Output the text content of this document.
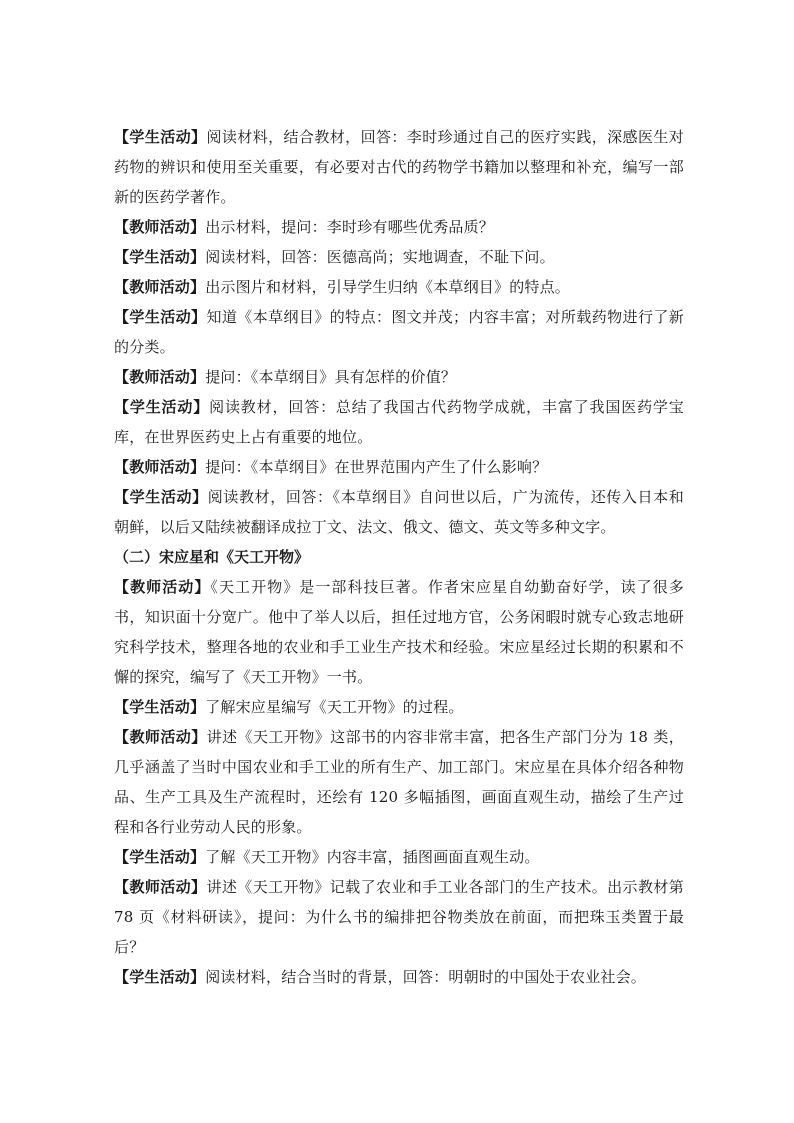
【学生活动】阅读材料，结合教材，回答：李时珍通过自己的医疗实践，深感医生对药物的辨识和使用至关重要，有必要对古代的药物学书籍加以整理和补充，编写一部新的医药学著作。

【教师活动】出示材料，提问：李时珍有哪些优秀品质？

【学生活动】阅读材料，回答：医德高尚；实地调查，不耻下问。

【教师活动】出示图片和材料，引导学生归纳《本草纲目》的特点。

【学生活动】知道《本草纲目》的特点：图文并茂；内容丰富；对所载药物进行了新的分类。

【教师活动】提问：《本草纲目》具有怎样的价值？

【学生活动】阅读教材，回答：总结了我国古代药物学成就，丰富了我国医药学宝库，在世界医药史上占有重要的地位。

【教师活动】提问：《本草纲目》在世界范围内产生了什么影响？

【学生活动】阅读教材，回答：《本草纲目》自问世以后，广为流传，还传入日本和朝鲜，以后又陆续被翻译成拉丁文、法文、俄文、德文、英文等多种文字。

（二）宋应星和《天工开物》

【教师活动】《天工开物》是一部科技巨著。作者宋应星自幼勤奋好学，读了很多书，知识面十分宽广。他中了举人以后，担任过地方官，公务闲暇时就专心致志地研究科学技术，整理各地的农业和手工业生产技术和经验。宋应星经过长期的积累和不懈的探究，编写了《天工开物》一书。

【学生活动】了解宋应星编写《天工开物》的过程。

【教师活动】讲述《天工开物》这部书的内容非常丰富，把各生产部门分为 18 类，几乎涵盖了当时中国农业和手工业的所有生产、加工部门。宋应星在具体介绍各种物品、生产工具及生产流程时，还绘有 120 多幅插图，画面直观生动，描绘了生产过程和各行业劳动人民的形象。

【学生活动】了解《天工开物》内容丰富，插图画面直观生动。

【教师活动】讲述《天工开物》记载了农业和手工业各部门的生产技术。出示教材第 78 页《材料研读》，提问：为什么书的编排把谷物类放在前面，而把珠玉类置于最后？

【学生活动】阅读材料，结合当时的背景，回答：明朝时的中国处于农业社会。
